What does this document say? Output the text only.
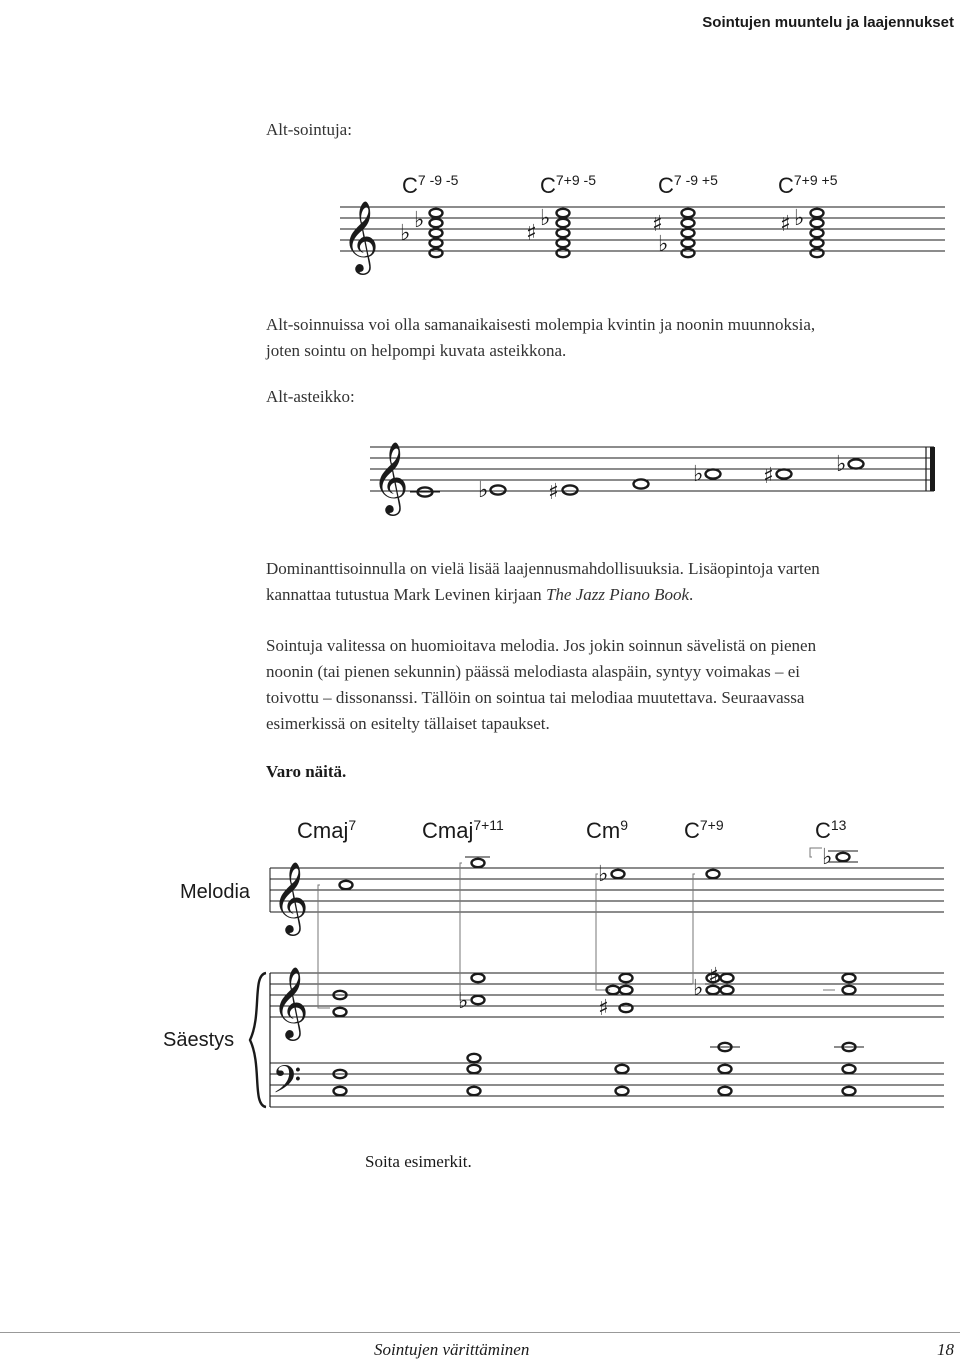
Sointujen muuntelu ja laajennukset
Alt-sointuja:
$C^{7 -9 -5}$	$C^{7+9 -5}$	$C^{7 -9 +5}$	$C^{7+9 +5}$
𝄞 ♭
♭
♯
♭	♯
♭
♯ ♭
Alt-soinnuissa voi olla samanaikaisesti molempia kvintin ja noonin muunnoksia,
joten sointu on helpompi kuvata asteikkona.
Alt-asteikko:
𝄞	♭	♯
♭	♯	♭
Dominanttisoinnulla on vielä lisää laajennusmahdollisuuksia. Lisäopintoja varten
kannattaa tutustua Mark Levinen kirjaan The Jazz Piano Book.
Sointuja valitessa on huomioitava melodia. Jos jokin soinnun sävelistä on pienen
noonin (tai pienen sekunnin) päässä melodiasta alaspäin, syntyy voimakas – ei
toivottu – dissonanssi. Tällöin on sointua tai melodiaa muutettava. Seuraavassa
esimerkissä on esitelty tällaiset tapaukset.
Varo näitä.
Cmaj$^7$	Cmaj$^{7+11}$	Cm$^9$	$C^{7+9}$	$C^{13}$
Melodia
Säestys
𝄞
𝄞
𝄢
♭
♭
♯
♭ ♯
♭
Soita esimerkit.
Sointujen värittäminen	18
